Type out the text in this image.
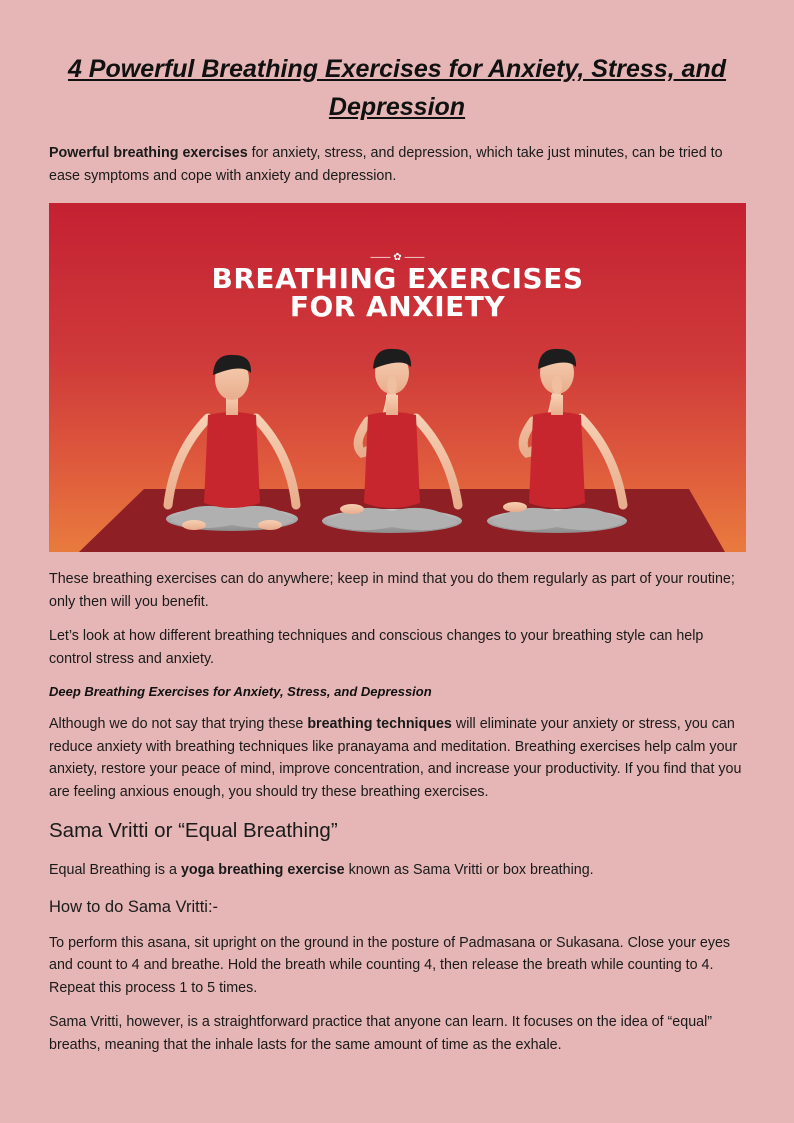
4 Powerful Breathing Exercises for Anxiety, Stress, and Depression

Powerful breathing exercises for anxiety, stress, and depression, which take just minutes, can be tried to ease symptoms and cope with anxiety and depression.

—— ✿ ——
BREATHING EXERCISES
FOR ANXIETY

These breathing exercises can do anywhere; keep in mind that you do them regularly as part of your routine; only then will you benefit.

Let’s look at how different breathing techniques and conscious changes to your breathing style can help control stress and anxiety.

Deep Breathing Exercises for Anxiety, Stress, and Depression

Although we do not say that trying these breathing techniques will eliminate your anxiety or stress, you can reduce anxiety with breathing techniques like pranayama and meditation. Breathing exercises help calm your anxiety, restore your peace of mind, improve concentration, and increase your productivity. If you find that you are feeling anxious enough, you should try these breathing exercises.

Sama Vritti or “Equal Breathing”

Equal Breathing is a yoga breathing exercise known as Sama Vritti or box breathing.

How to do Sama Vritti:-

To perform this asana, sit upright on the ground in the posture of Padmasana or Sukasana. Close your eyes and count to 4 and breathe. Hold the breath while counting 4, then release the breath while counting to 4. Repeat this process 1 to 5 times.

Sama Vritti, however, is a straightforward practice that anyone can learn. It focuses on the idea of “equal” breaths, meaning that the inhale lasts for the same amount of time as the exhale.
